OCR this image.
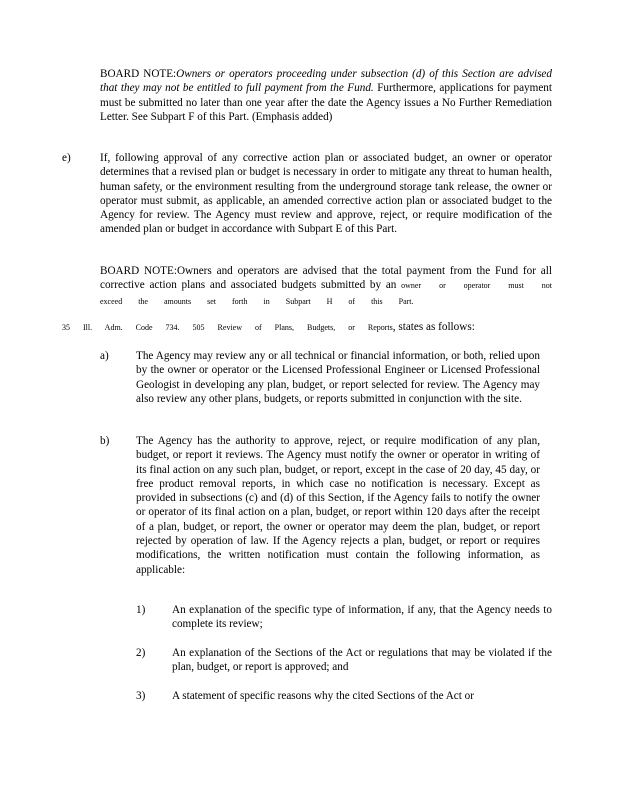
BOARD NOTE:Owners or operators proceeding under subsection (d) of this Section are advised that they may not be entitled to full payment from the Fund. Furthermore, applications for payment must be submitted no later than one year after the date the Agency issues a No Further Remediation Letter. See Subpart F of this Part. (Emphasis added)

e)	If, following approval of any corrective action plan or associated budget, an owner or operator determines that a revised plan or budget is necessary in order to mitigate any threat to human health, human safety, or the environment resulting from the underground storage tank release, the owner or operator must submit, as applicable, an amended corrective action plan or associated budget to the Agency for review. The Agency must review and approve, reject, or require modification of the amended plan or budget in accordance with Subpart E of this Part.

BOARD NOTE:Owners and operators are advised that the total payment from the Fund for all corrective action plans and associated budgets submitted by an owner or operator must not exceed the amounts set forth in Subpart H of this Part.

35 Ill. Adm. Code 734. 505 Review of Plans, Budgets, or Reports, states as follows:
a) The Agency may review any or all technical or financial information, or both, relied upon by the owner or operator or the Licensed Professional Engineer or Licensed Professional Geologist in developing any plan, budget, or report selected for review. The Agency may also review any other plans, budgets, or reports submitted in conjunction with the site.

b) The Agency has the authority to approve, reject, or require modification of any plan, budget, or report it reviews. The Agency must notify the owner or operator in writing of its final action on any such plan, budget, or report, except in the case of 20 day, 45 day, or free product removal reports, in which case no notification is necessary. Except as provided in subsections (c) and (d) of this Section, if the Agency fails to notify the owner or operator of its final action on a plan, budget, or report within 120 days after the receipt of a plan, budget, or report, the owner or operator may deem the plan, budget, or report rejected by operation of law. If the Agency rejects a plan, budget, or report or requires modifications, the written notification must contain the following information, as applicable:

1) An explanation of the specific type of information, if any, that the Agency needs to complete its review;

2) An explanation of the Sections of the Act or regulations that may be violated if the plan, budget, or report is approved; and

3) A statement of specific reasons why the cited Sections of the Act or
